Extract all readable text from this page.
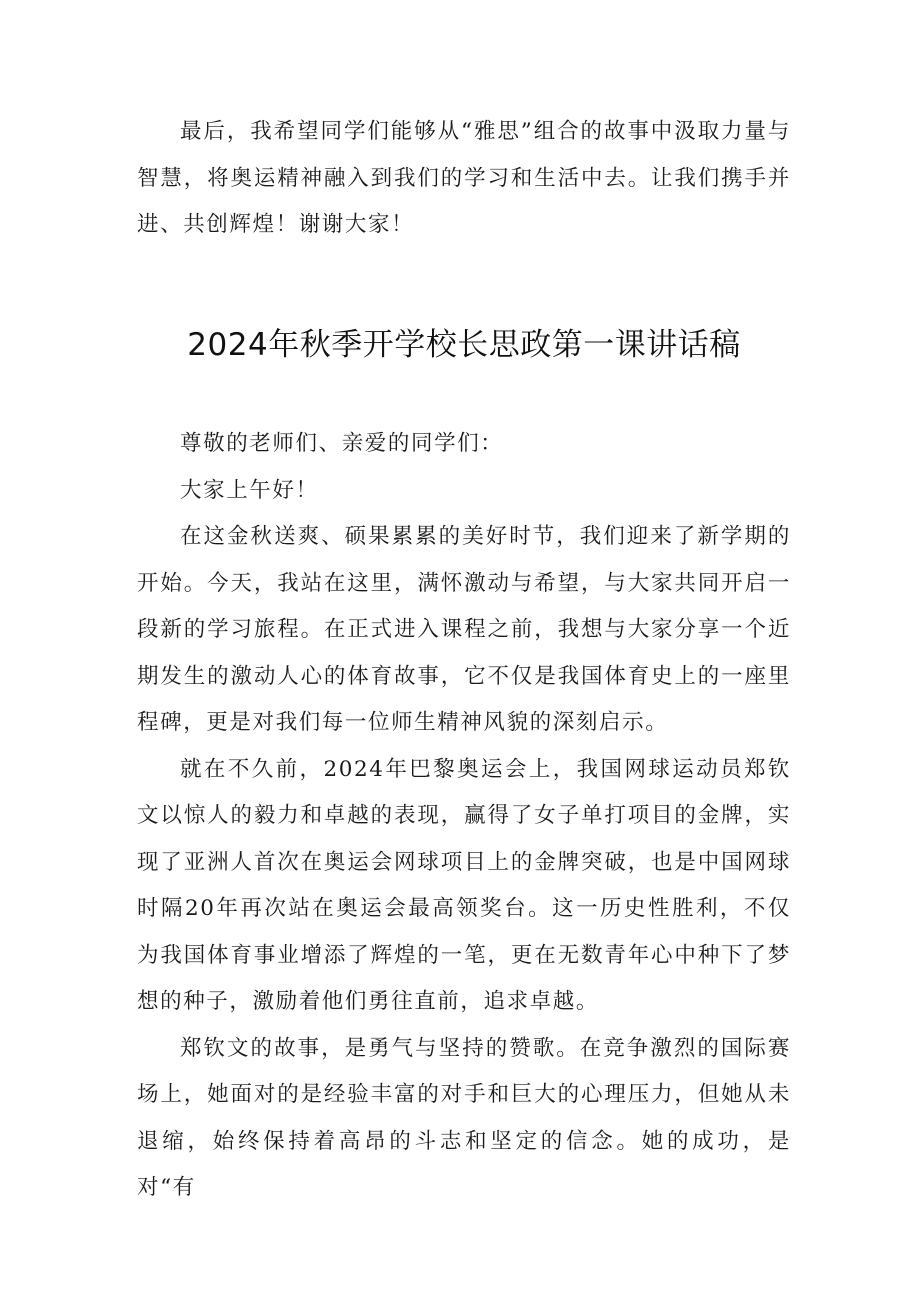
最后，我希望同学们能够从“雅思”组合的故事中汲取力量与智慧，将奥运精神融入到我们的学习和生活中去。让我们携手并进、共创辉煌！谢谢大家！

2024年秋季开学校长思政第一课讲话稿

尊敬的老师们、亲爱的同学们：

大家上午好！

在这金秋送爽、硕果累累的美好时节，我们迎来了新学期的开始。今天，我站在这里，满怀激动与希望，与大家共同开启一段新的学习旅程。在正式进入课程之前，我想与大家分享一个近期发生的激动人心的体育故事，它不仅是我国体育史上的一座里程碑，更是对我们每一位师生精神风貌的深刻启示。

就在不久前，2024年巴黎奥运会上，我国网球运动员郑钦文以惊人的毅力和卓越的表现，赢得了女子单打项目的金牌，实现了亚洲人首次在奥运会网球项目上的金牌突破，也是中国网球时隔20年再次站在奥运会最高领奖台。这一历史性胜利，不仅为我国体育事业增添了辉煌的一笔，更在无数青年心中种下了梦想的种子，激励着他们勇往直前，追求卓越。

郑钦文的故事，是勇气与坚持的赞歌。在竞争激烈的国际赛场上，她面对的是经验丰富的对手和巨大的心理压力，但她从未退缩，始终保持着高昂的斗志和坚定的信念。她的成功，是对“有
